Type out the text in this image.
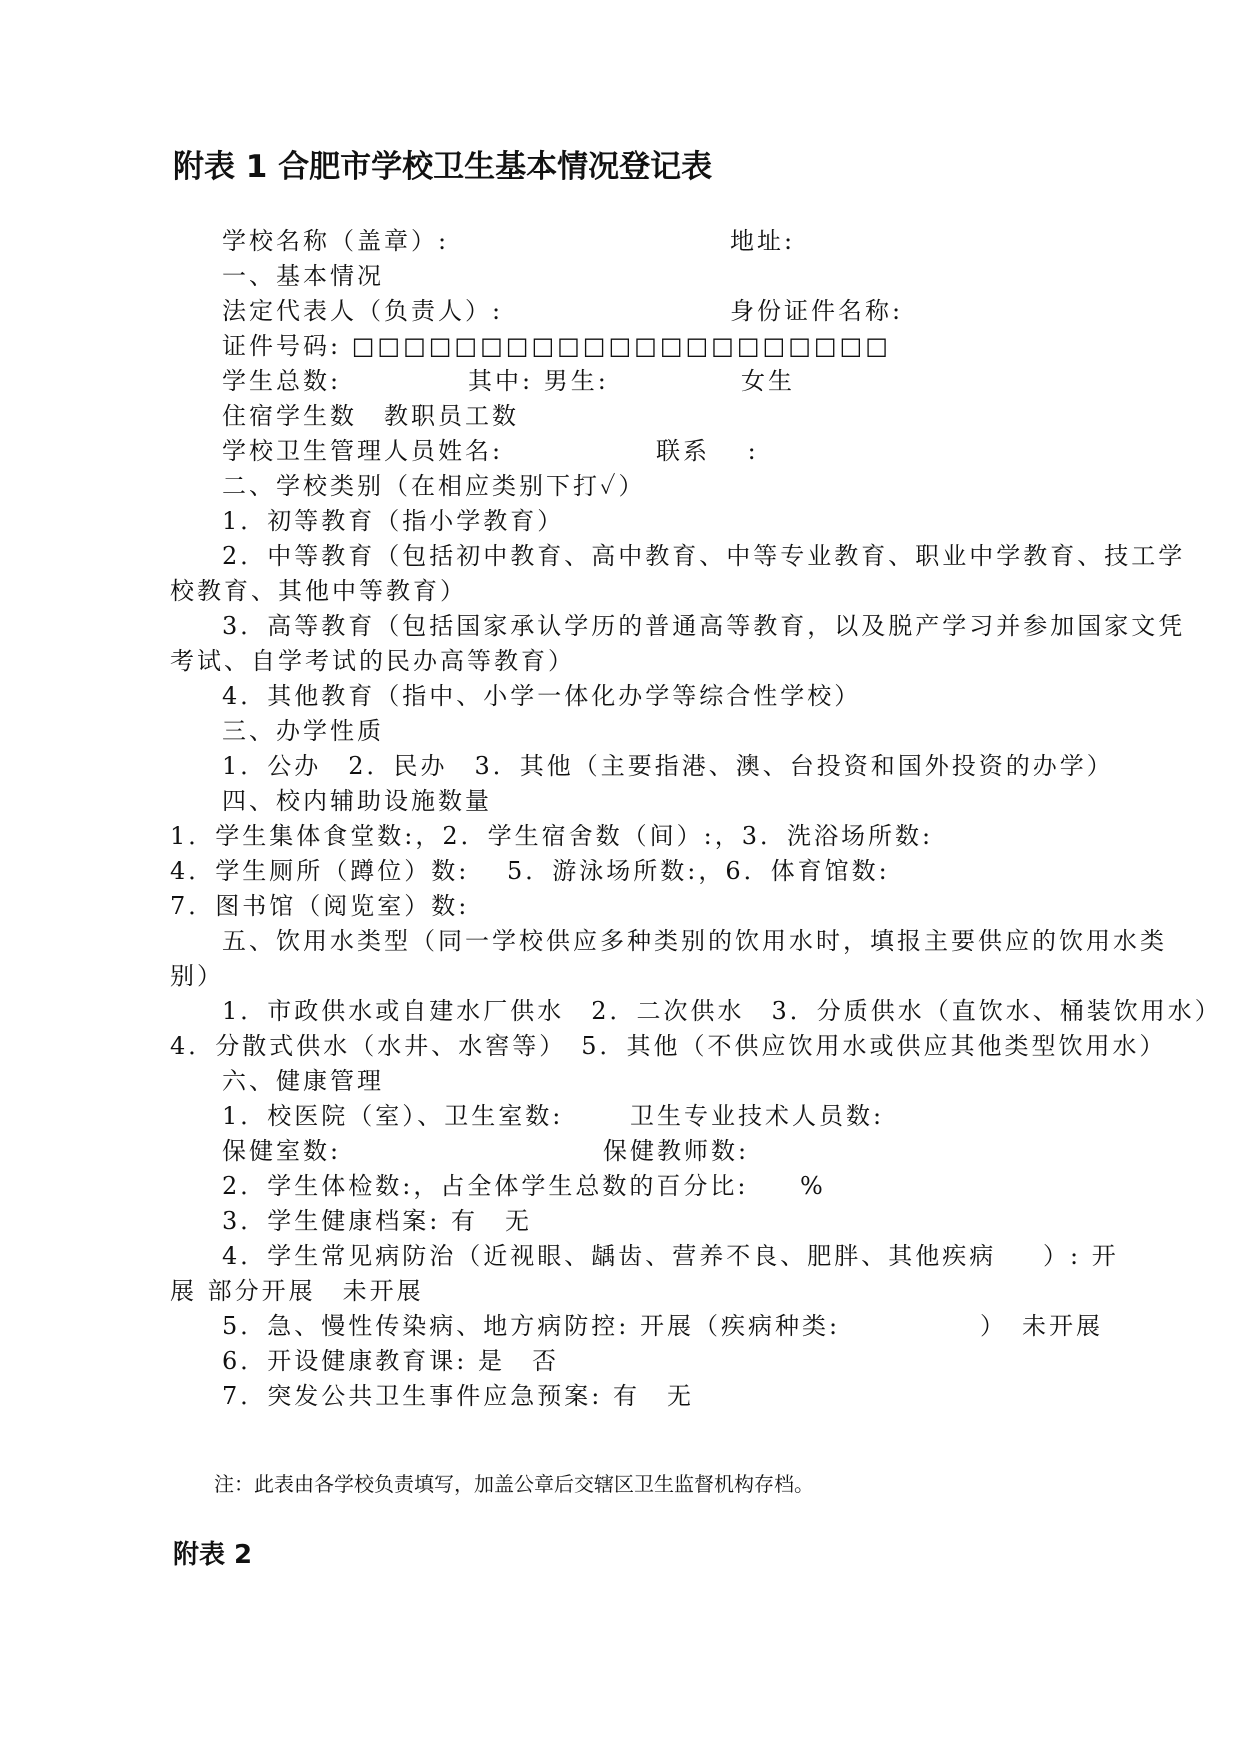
附表 1 合肥市学校卫生基本情况登记表
学校名称（盖章）:	地址:
一、基本情况
法定代表人（负责人）:	身份证件名称:
证件号码: □□□□□□□□□□□□□□□□□□□□□
学生总数:	其中: 男生:	女生
住宿学生数　教职员工数
学校卫生管理人员姓名:	联系　 :
二、学校类别（在相应类别下打✓）
1．初等教育（指小学教育）
2．中等教育（包括初中教育、高中教育、中等专业教育、职业中学教育、技工学
校教育、其他中等教育）
3．高等教育（包括国家承认学历的普通高等教育，以及脱产学习并参加国家文凭
考试、自学考试的民办高等教育）
4．其他教育（指中、小学一体化办学等综合性学校）
三、办学性质
1．公办　2．民办　3．其他（主要指港、澳、台投资和国外投资的办学）
四、校内辅助设施数量
1．学生集体食堂数:，2．学生宿舍数（间）:，3．洗浴场所数:
4．学生厕所（蹲位）数:　 5．游泳场所数:，6．体育馆数:
7．图书馆（阅览室）数:
五、饮用水类型（同一学校供应多种类别的饮用水时，填报主要供应的饮用水类
别）
1．市政供水或自建水厂供水　2．二次供水　3．分质供水（直饮水、桶装饮用水）
4．分散式供水（水井、水窖等）　5．其他（不供应饮用水或供应其他类型饮用水）
六、健康管理
1．校医院（室）、卫生室数:	卫生专业技术人员数:
保健室数:	保健教师数:
2．学生体检数:，占全体学生总数的百分比: %
3．学生健康档案: 有　无
4．学生常见病防治（近视眼、龋齿、营养不良、肥胖、其他疾病 ）: 开
展 部分开展　未开展
5．急、慢性传染病、地方病防控: 开展（疾病种类:	）　未开展
6．开设健康教育课: 是　否
7．突发公共卫生事件应急预案: 有　无
注：此表由各学校负责填写，加盖公章后交辖区卫生监督机构存档。
附表 2
